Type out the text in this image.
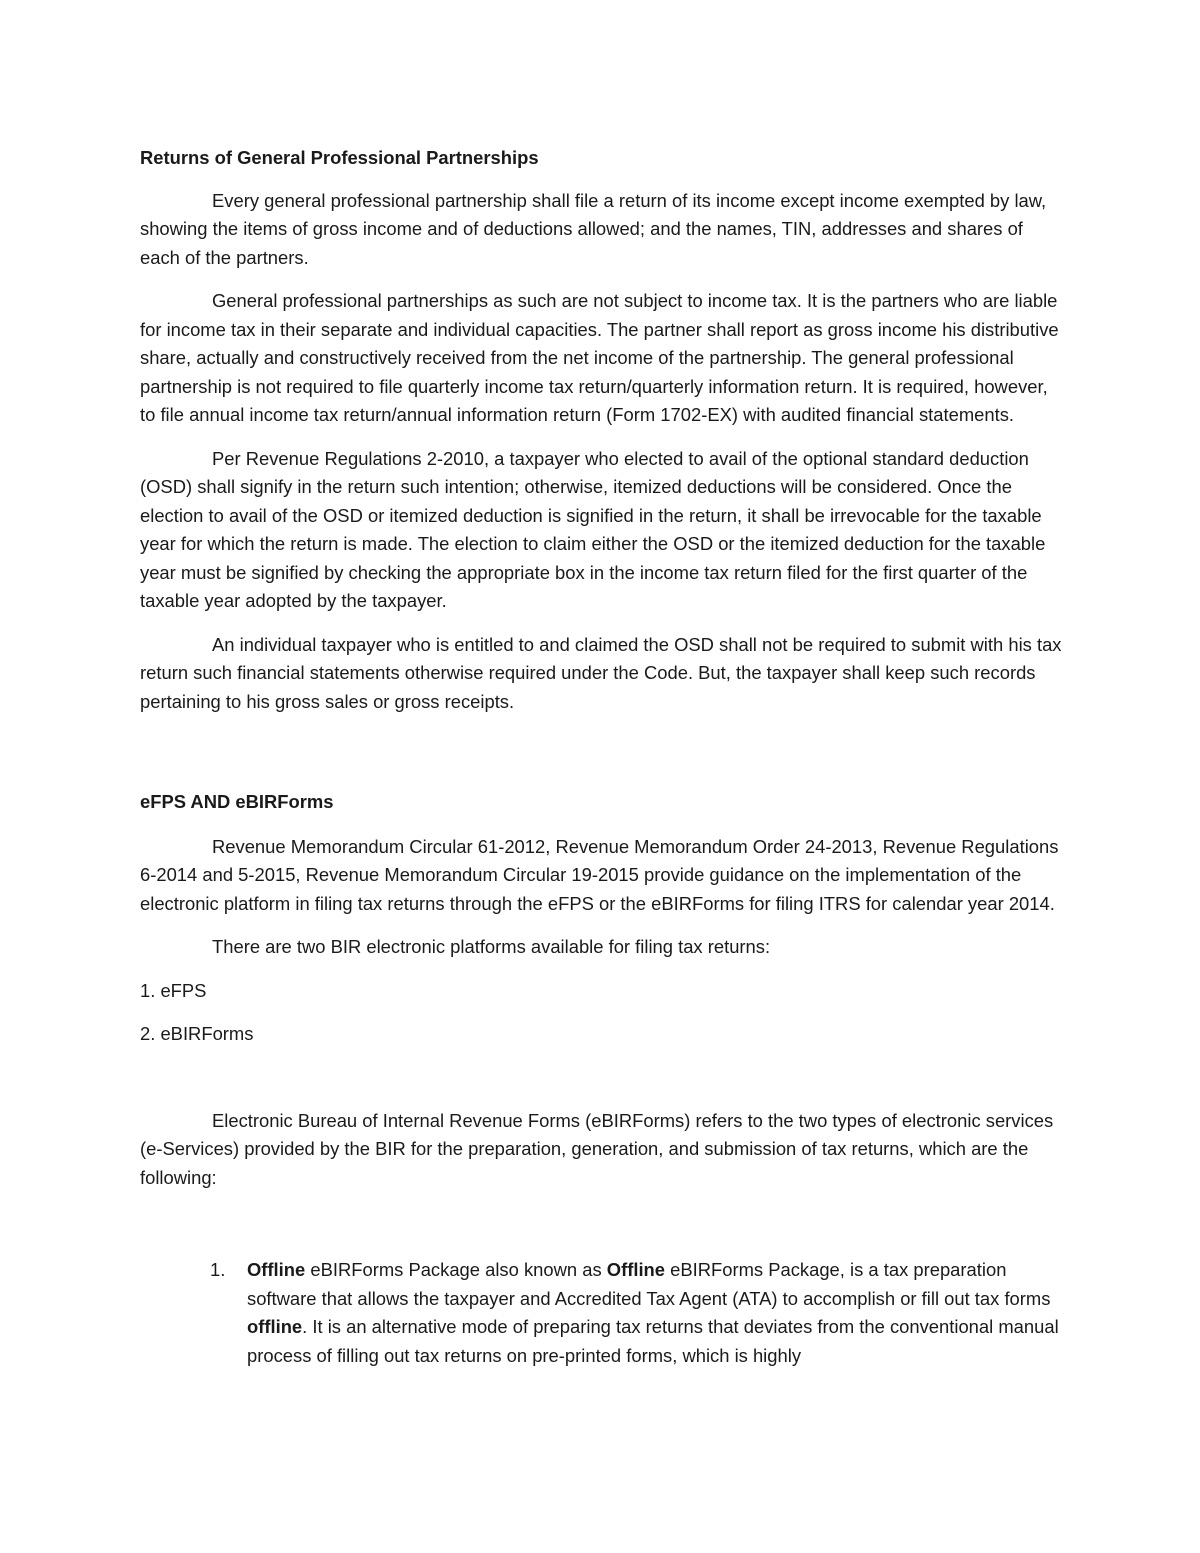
Returns of General Professional Partnerships

Every general professional partnership shall file a return of its income except income exempted by law, showing the items of gross income and of deductions allowed; and the names, TIN, addresses and shares of each of the partners.

General professional partnerships as such are not subject to income tax. It is the partners who are liable for income tax in their separate and individual capacities. The partner shall report as gross income his distributive share, actually and constructively received from the net income of the partnership. The general professional partnership is not required to file quarterly income tax return/quarterly information return. It is required, however, to file annual income tax return/annual information return (Form 1702-EX) with audited financial statements.

Per Revenue Regulations 2-2010, a taxpayer who elected to avail of the optional standard deduction (OSD) shall signify in the return such intention; otherwise, itemized deductions will be considered. Once the election to avail of the OSD or itemized deduction is signified in the return, it shall be irrevocable for the taxable year for which the return is made. The election to claim either the OSD or the itemized deduction for the taxable year must be signified by checking the appropriate box in the income tax return filed for the first quarter of the taxable year adopted by the taxpayer.

An individual taxpayer who is entitled to and claimed the OSD shall not be required to submit with his tax return such financial statements otherwise required under the Code. But, the taxpayer shall keep such records pertaining to his gross sales or gross receipts.

eFPS AND eBIRForms

Revenue Memorandum Circular 61-2012, Revenue Memorandum Order 24-2013, Revenue Regulations 6-2014 and 5-2015, Revenue Memorandum Circular 19-2015 provide guidance on the implementation of the electronic platform in filing tax returns through the eFPS or the eBIRForms for filing ITRS for calendar year 2014.

There are two BIR electronic platforms available for filing tax returns:

1. eFPS

2. eBIRForms

Electronic Bureau of Internal Revenue Forms (eBIRForms) refers to the two types of electronic services (e-Services) provided by the BIR for the preparation, generation, and submission of tax returns, which are the following:

1. Offline eBIRForms Package also known as Offline eBIRForms Package, is a tax preparation software that allows the taxpayer and Accredited Tax Agent (ATA) to accomplish or fill out tax forms offline. It is an alternative mode of preparing tax returns that deviates from the conventional manual process of filling out tax returns on pre-printed forms, which is highly
